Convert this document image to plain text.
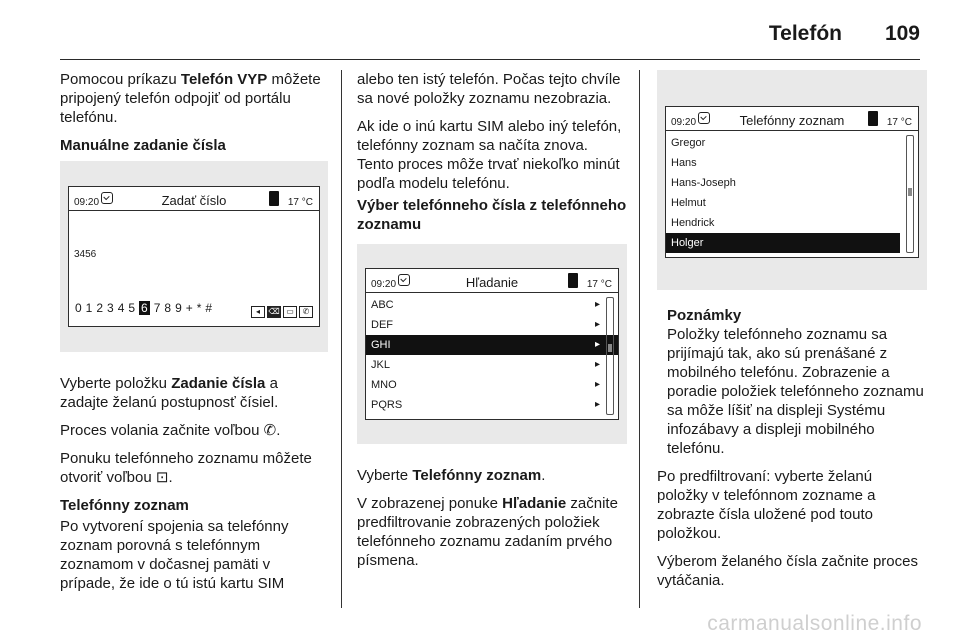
Telefón 109

Pomocou príkazu Telefón VYP môžete pripojený telefón odpojiť od portálu telefónu.

Manuálne zadanie čísla
09:20	Zadať číslo	17 °C
3456
012345 6 789+*#	◂	⌫ ▭	✆

Vyberte položku Zadanie čísla a zadajte želanú postupnosť čísiel.

Proces volania začnite voľbou ✆.

Ponuku telefónneho zoznamu môžete otvoriť voľbou ⊡.

Telefónny zoznam

Po vytvorení spojenia sa telefónny zoznam porovná s telefónnym zoznamom v dočasnej pamäti v prípade, že ide o tú istú kartu SIM

alebo ten istý telefón. Počas tejto chvíle sa nové položky zoznamu nezobrazia.

Ak ide o inú kartu SIM alebo iný telefón, telefónny zoznam sa načíta znova. Tento proces môže trvať niekoľko minút podľa modelu telefónu.

Výber telefónneho čísla z telefónneho zoznamu
09:20	Hľadanie	17 °C
ABC	▸
DEF	▸
GHI	▸
JKL	▸
MNO	▸
PQRS	▸

Vyberte Telefónny zoznam.

V zobrazenej ponuke Hľadanie začnite predfiltrovanie zobrazených položiek telefónneho zoznamu zadaním prvého písmena.

09:20	Telefónny zoznam	17 °C
Gregor
Hans
Hans-Joseph
Helmut
Hendrick
Holger
Poznámky

Položky telefónneho zoznamu sa prijímajú tak, ako sú prenášané z mobilného telefónu. Zobrazenie a poradie položiek telefónneho zoznamu sa môže líšiť na displeji Systému infozábavy a displeji mobilného telefónu.

Po predfiltrovaní: vyberte želanú položky v telefónnom zozname a zobrazte čísla uložené pod touto položkou.

Výberom želaného čísla začnite proces vytáčania.

carmanualsonline.info
